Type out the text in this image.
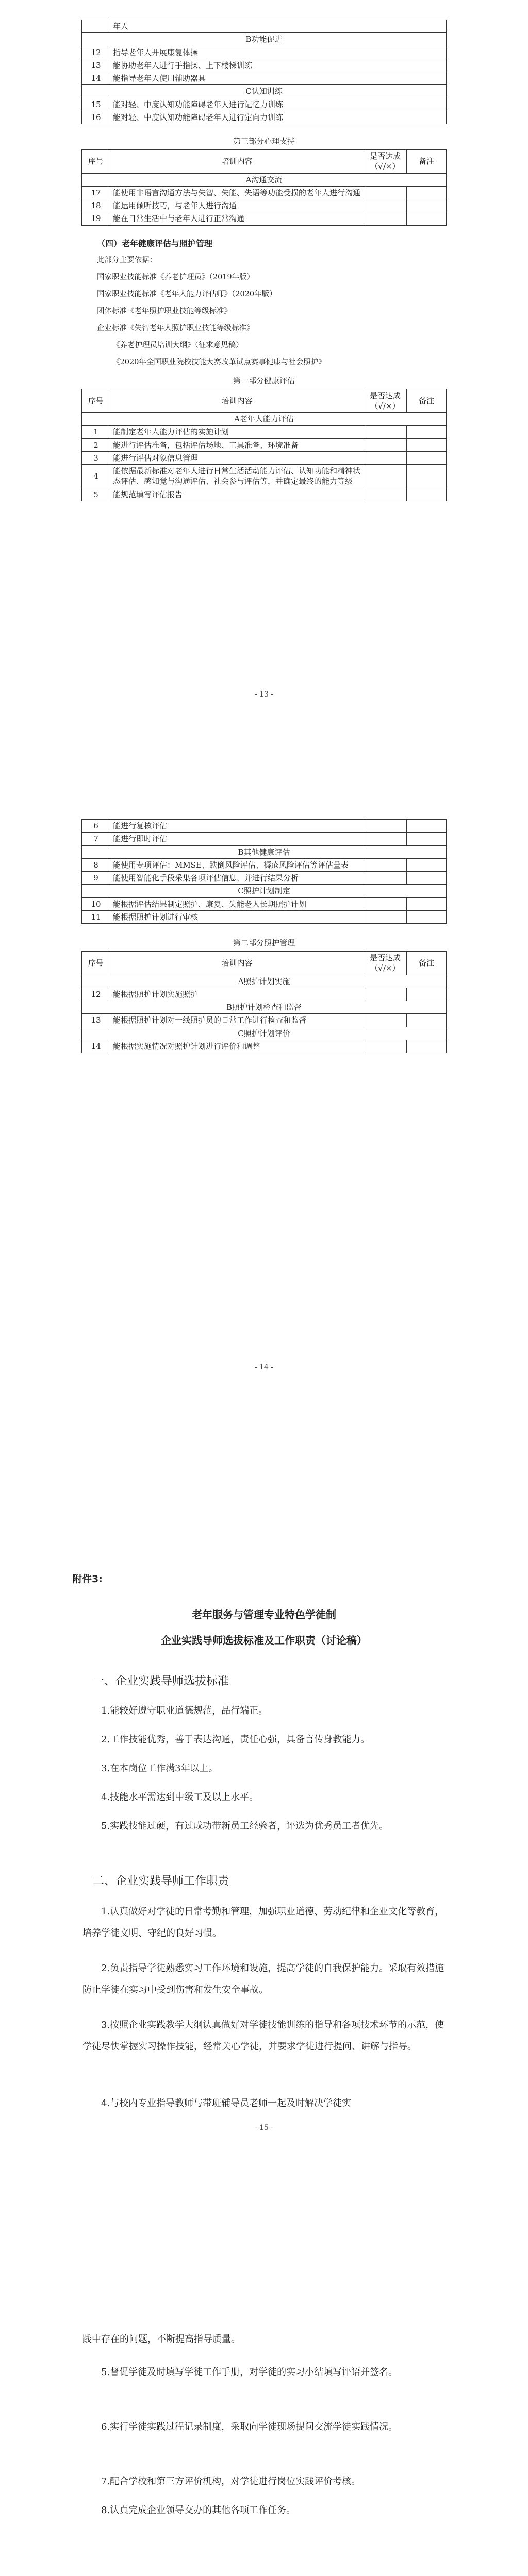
	年人
B功能促进	
12	指导老年人开展康复体操
13	能协助老年人进行手指操、上下楼梯训练
14	能指导老年人使用辅助器具
C认知训练	
15	能对轻、中度认知功能障碍老年人进行记忆力训练
16	能对轻、中度认知功能障碍老年人进行定向力训练
第三部分心理支持
序号	培训内容	是否达成（√/×）	备注
A沟通交流			
17	能使用非语言沟通方法与失智、失能、失语等功能受损的老年人进行沟通		
18	能运用倾听技巧，与老年人进行沟通		
19	能在日常生活中与老年人进行正常沟通		
（四）老年健康评估与照护管理
此部分主要依据：
国家职业技能标准《养老护理员》（2019年版）
国家职业技能标准《老年人能力评估师》（2020年版）
团体标准《老年照护职业技能等级标准》
企业标准《失智老年人照护职业技能等级标准》
《养老护理员培训大纲》（征求意见稿）
《2020年全国职业院校技能大赛改革试点赛事健康与社会照护》
第一部分健康评估
序号	培训内容	是否达成（√/×）	备注
A老年人能力评估			
1	能制定老年人能力评估的实施计划		
2	能进行评估准备，包括评估场地、工具准备、环境准备		
3	能进行评估对象信息管理		
4	能依据最新标准对老年人进行日常生活活动能力评估、认知功能和精神状态评估、感知觉与沟通评估、社会参与评估等，并确定最终的能力等级		
5	能规范填写评估报告		
- 13 -
6	能进行复核评估		
7	能进行即时评估		
B其他健康评估			
8	能使用专项评估：MMSE、跌倒风险评估、褥疮风险评估等评估量表		
9	能使用智能化手段采集各项评估信息，并进行结果分析		
C照护计划制定			
10	能根据评估结果制定照护、康复、失能老人长期照护计划		
11	能根据照护计划进行审核		
第二部分照护管理
序号	培训内容	是否达成（√/×）	备注
A照护计划实施			
12	能根据照护计划实施照护		
B照护计划检查和监督			
13	能根据照护计划对一线照护员的日常工作进行检查和监督		
C照护计划评价			
14	能根据实施情况对照护计划进行评价和调整		
- 14 -
附件3:
老年服务与管理专业特色学徒制
企业实践导师选拔标准及工作职责（讨论稿）
一、企业实践导师选拔标准
1.能较好遵守职业道德规范，品行端正。
2.工作技能优秀，善于表达沟通，责任心强，具备言传身教能力。
3.在本岗位工作满3年以上。
4.技能水平需达到中级工及以上水平。
5.实践技能过硬，有过成功带新员工经验者，评选为优秀员工者优先。
二、企业实践导师工作职责
1.认真做好对学徒的日常考勤和管理，加强职业道德、劳动纪律和企业文化等教育，培养学徒文明、守纪的良好习惯。
2.负责指导学徒熟悉实习工作环境和设施，提高学徒的自我保护能力。采取有效措施防止学徒在实习中受到伤害和发生安全事故。
3.按照企业实践教学大纲认真做好对学徒技能训练的指导和各项技术环节的示范，使学徒尽快掌握实习操作技能，经常关心学徒，并要求学徒进行提问、讲解与指导。
4.与校内专业指导教师与带班辅导员老师一起及时解决学徒实
- 15 -
践中存在的问题，不断提高指导质量。
5.督促学徒及时填写学徒工作手册，对学徒的实习小结填写评语并签名。
6.实行学徒实践过程记录制度，采取向学徒现场提问交流学徒实践情况。
7.配合学校和第三方评价机构，对学徒进行岗位实践评价考核。
8.认真完成企业领导交办的其他各项工作任务。
